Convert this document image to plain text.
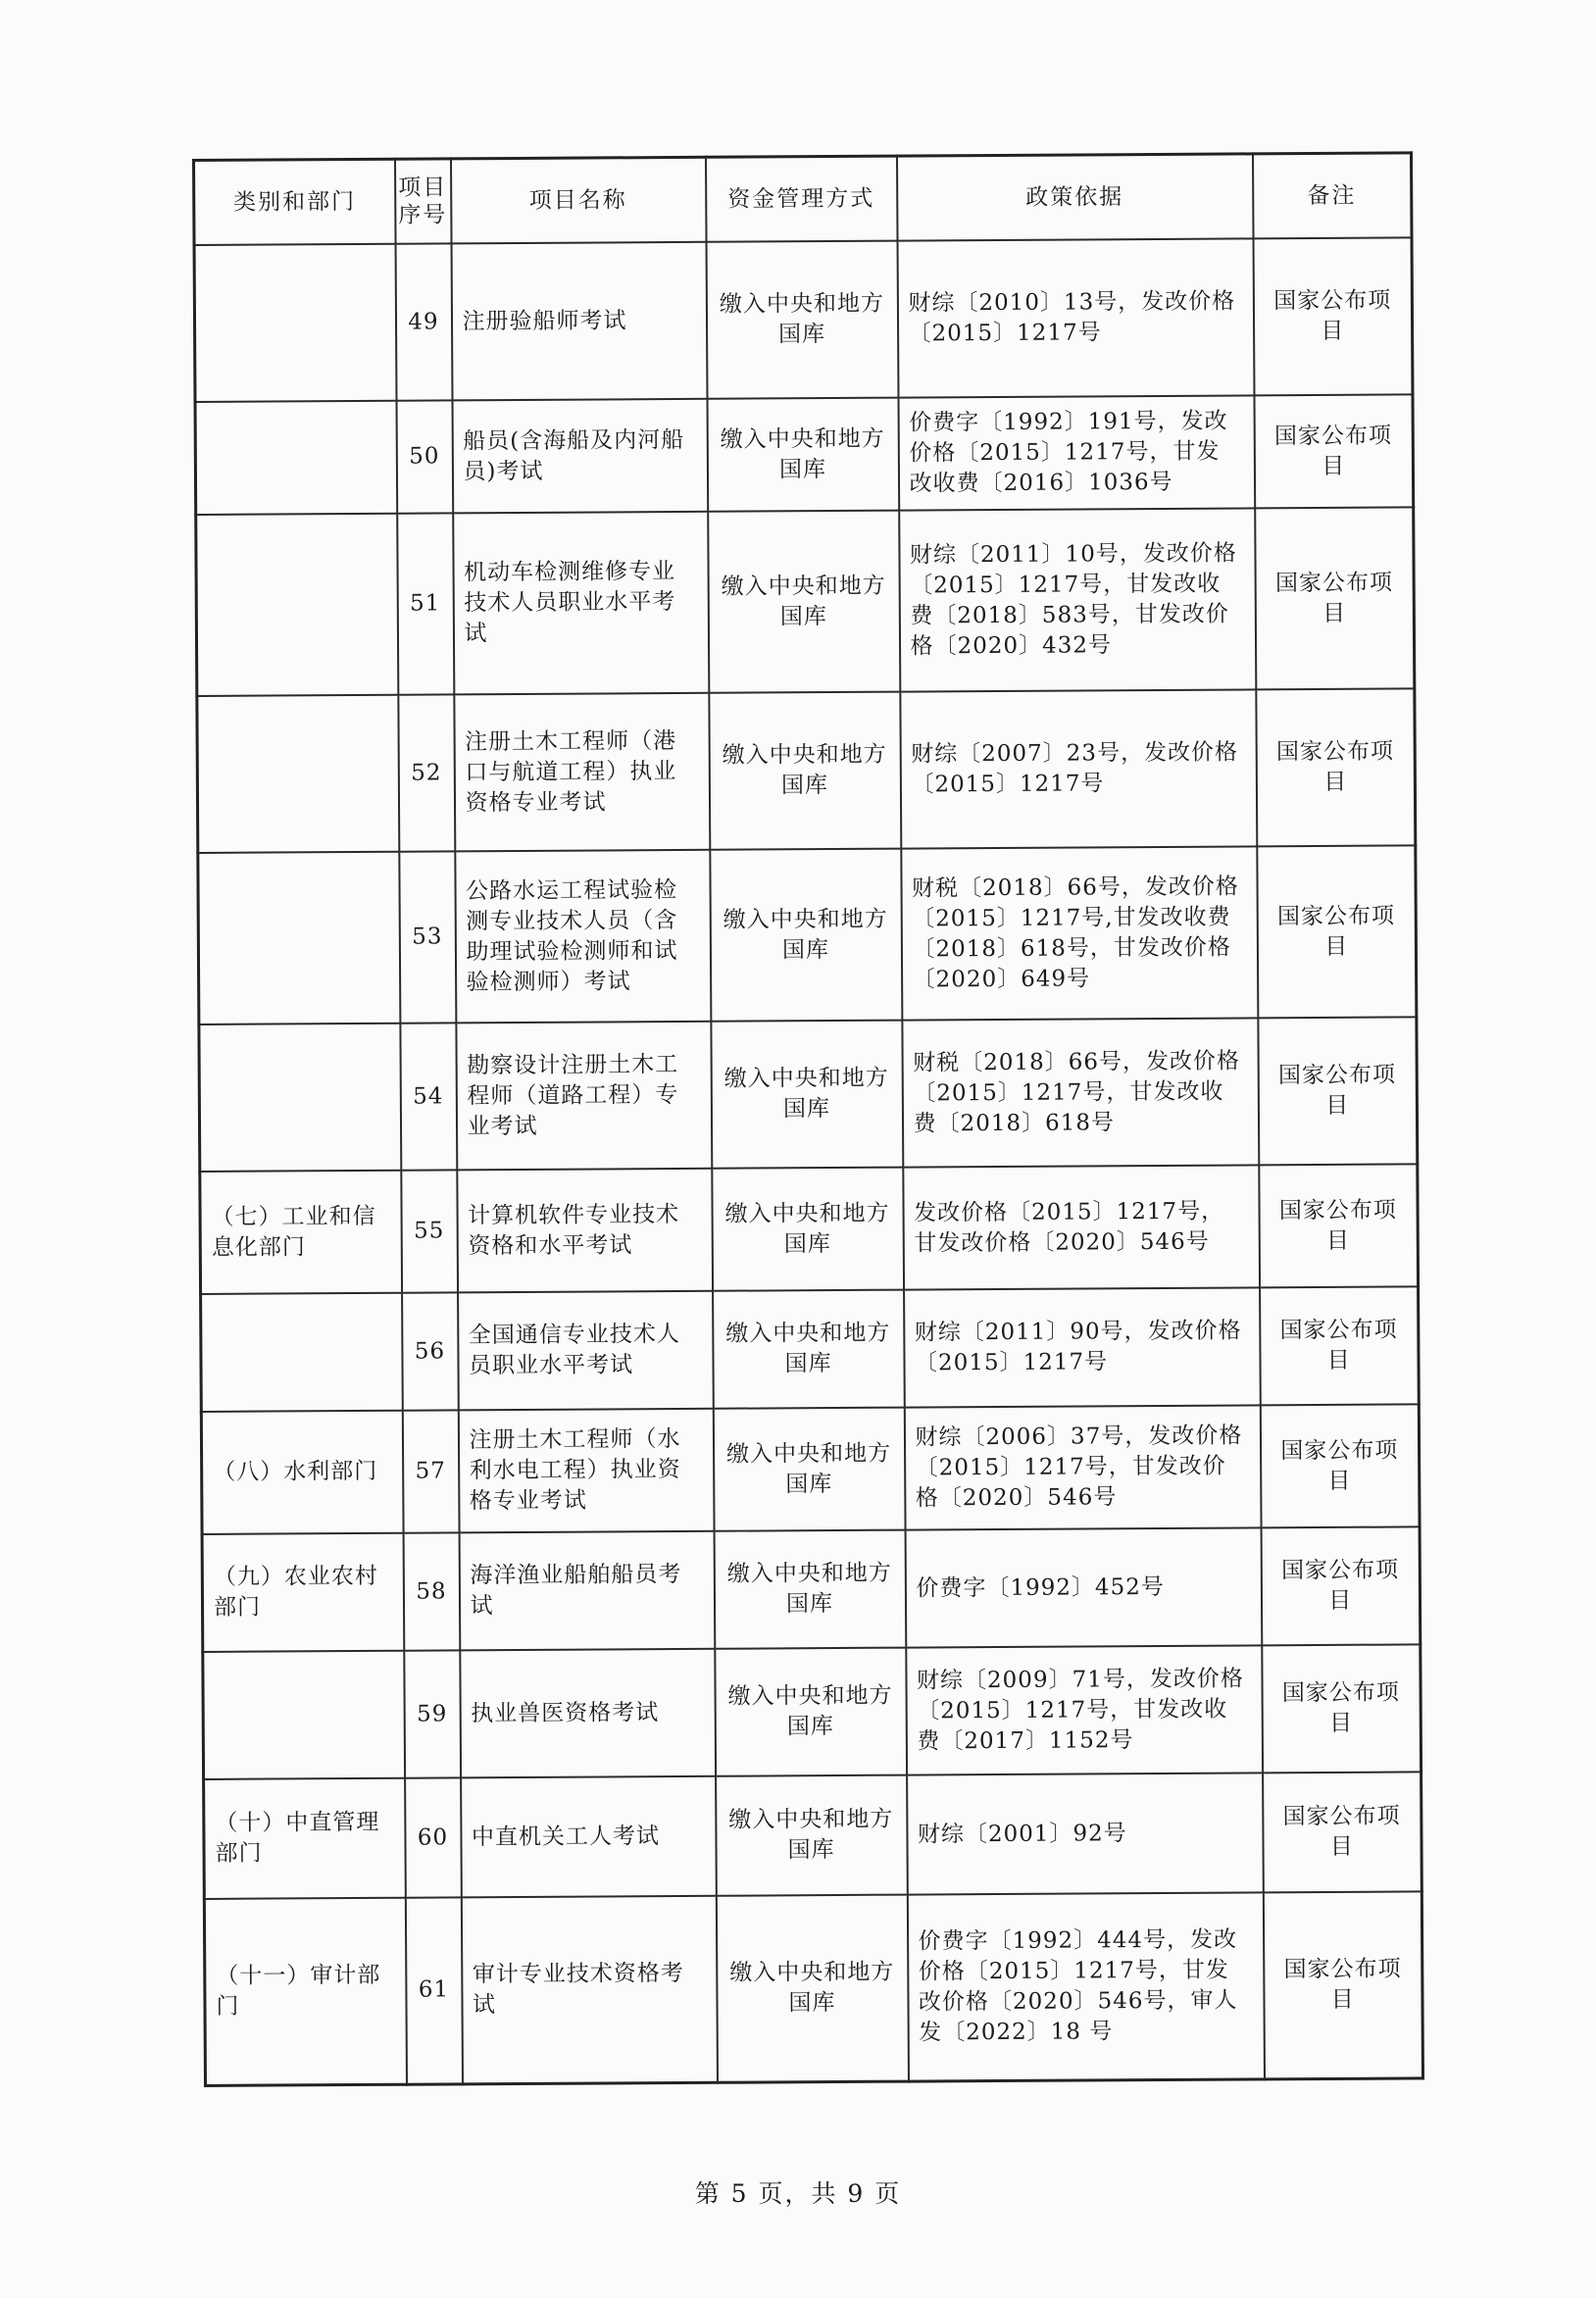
类别和部门	项目序号	项目名称	资金管理方式	政策依据	备注
	49	注册验船师考试	缴入中央和地方国库	财综〔2010〕13号，发改价格〔2015〕1217号	国家公布项目
	50	船员(含海船及内河船员)考试	缴入中央和地方国库	价费字〔1992〕191号，发改价格〔2015〕1217号，甘发改收费〔2016〕1036号	国家公布项目
	51	机动车检测维修专业技术人员职业水平考试	缴入中央和地方国库	财综〔2011〕10号，发改价格〔2015〕1217号，甘发改收费〔2018〕583号，甘发改价格〔2020〕432号	国家公布项目
	52	注册土木工程师（港口与航道工程）执业资格专业考试	缴入中央和地方国库	财综〔2007〕23号，发改价格〔2015〕1217号	国家公布项目
	53	公路水运工程试验检测专业技术人员（含助理试验检测师和试验检测师）考试	缴入中央和地方国库	财税〔2018〕66号，发改价格〔2015〕1217号,甘发改收费〔2018〕618号，甘发改价格〔2020〕649号	国家公布项目
	54	勘察设计注册土木工程师（道路工程）专业考试	缴入中央和地方国库	财税〔2018〕66号，发改价格〔2015〕1217号，甘发改收费〔2018〕618号	国家公布项目
（七）工业和信息化部门	55	计算机软件专业技术资格和水平考试	缴入中央和地方国库	发改价格〔2015〕1217号，甘发改价格〔2020〕546号	国家公布项目
	56	全国通信专业技术人员职业水平考试	缴入中央和地方国库	财综〔2011〕90号，发改价格〔2015〕1217号	国家公布项目
（八）水利部门	57	注册土木工程师（水利水电工程）执业资格专业考试	缴入中央和地方国库	财综〔2006〕37号，发改价格〔2015〕1217号，甘发改价格〔2020〕546号	国家公布项目
（九）农业农村部门	58	海洋渔业船舶船员考试	缴入中央和地方国库	价费字〔1992〕452号	国家公布项目
	59	执业兽医资格考试	缴入中央和地方国库	财综〔2009〕71号，发改价格〔2015〕1217号，甘发改收费〔2017〕1152号	国家公布项目
（十）中直管理部门	60	中直机关工人考试	缴入中央和地方国库	财综〔2001〕92号	国家公布项目
（十一）审计部门	61	审计专业技术资格考试	缴入中央和地方国库	价费字〔1992〕444号，发改价格〔2015〕1217号，甘发改价格〔2020〕546号，审人发〔2022〕18 号	国家公布项目
第 5 页，共 9 页
